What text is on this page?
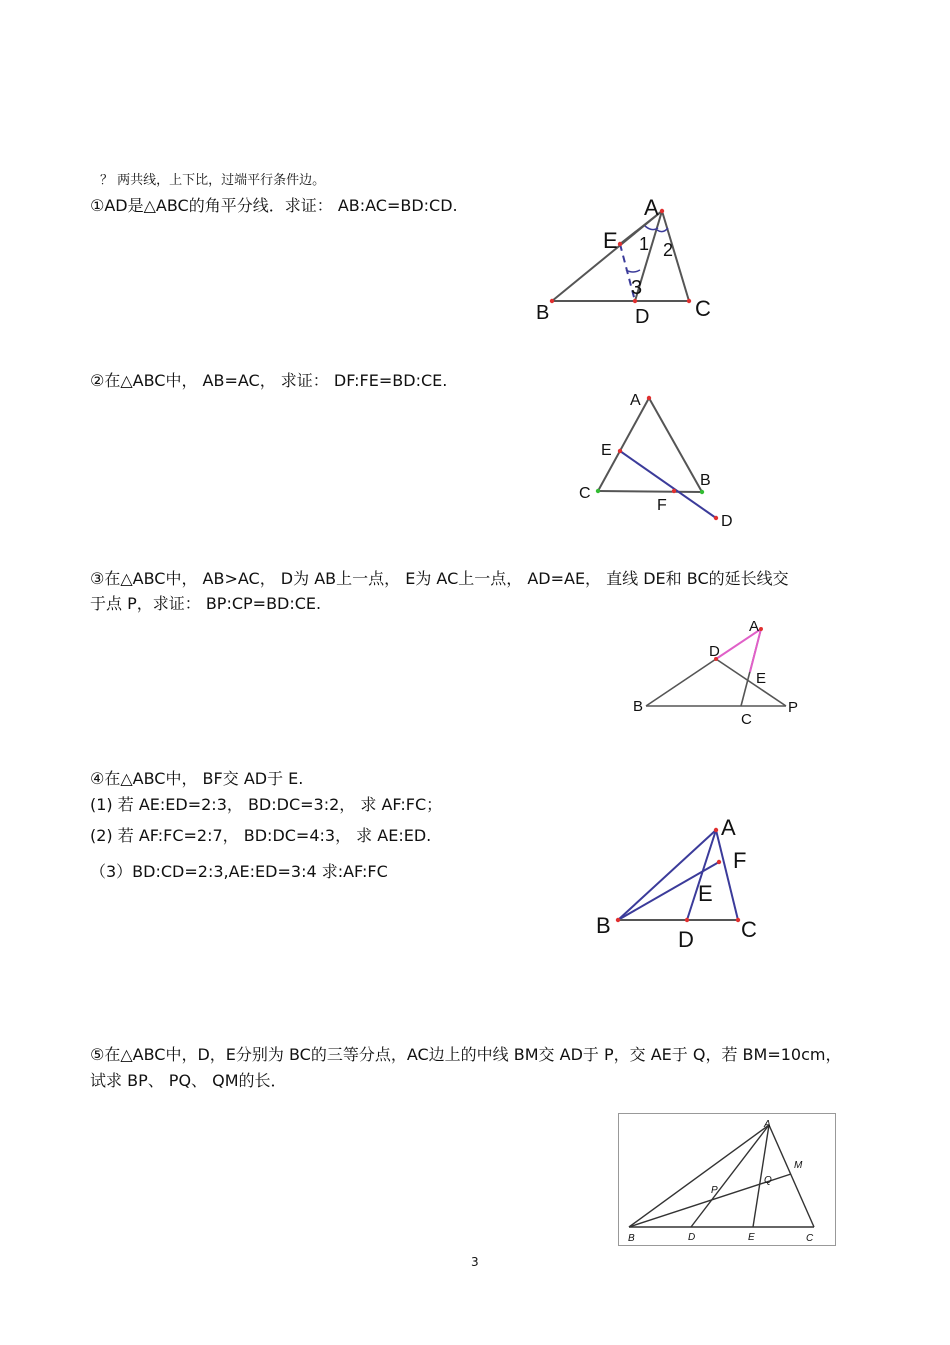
？ 两共线，上下比，过端平行条件边。
①AD是△ABC的角平分线．求证： AB:AC=BD:CD.	A
E 1 2
3
B	D C
②在△ABC中， AB=AC， 求证： DF:FE=BD:CE.
A
E
B
C
F
D
③在△ABC中， AB>AC， D为 AB上一点， E为 AC上一点， AD=AE， 直线 DE和 BC的延长线交
于点 P，求证： BP:CP=BD:CE.
A
D
E
B
C
P
④在△ABC中， BF交 AD于 E.
(1) 若 AE:ED=2:3， BD:DC=3:2， 求 AF:FC；
(2) 若 AF:FC=2:7， BD:DC=4:3， 求 AE:ED.
（3）BD:CD=2:3,AE:ED=3:4 求:AF:FC
A
F
E
B
D C
⑤在△ABC中，D，E分别为 BC的三等分点，AC边上的中线 BM交 AD于 P，交 AE于 Q，若 BM=10cm，
试求 BP、 PQ、 QM的长．
A
M
P
Q
B	D	E	C
3
